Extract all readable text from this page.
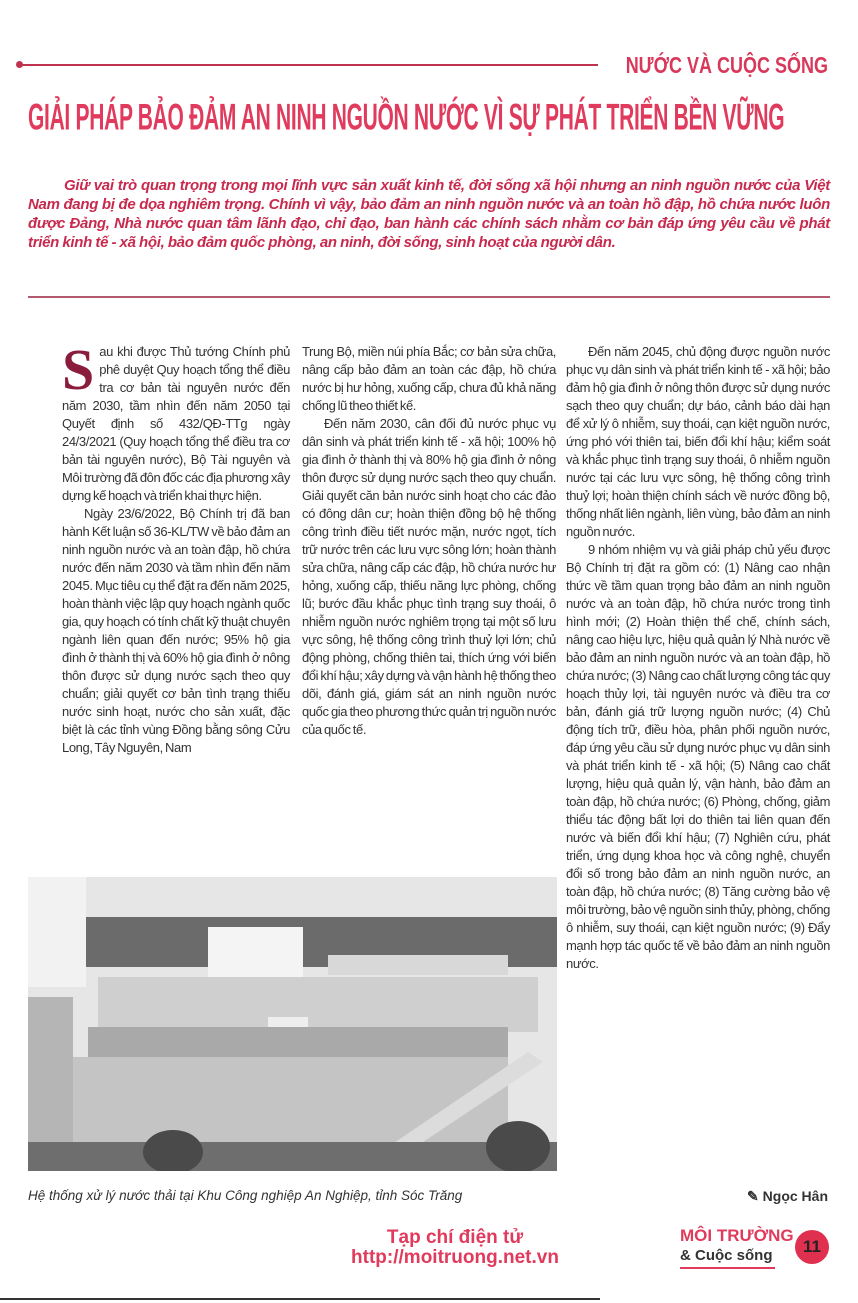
NƯỚC VÀ CUỘC SỐNG
GIẢI PHÁP BẢO ĐẢM AN NINH NGUỒN NƯỚC VÌ SỰ PHÁT TRIỂN BỀN VỮNG

Giữ vai trò quan trọng trong mọi lĩnh vực sản xuất kinh tế, đời sống xã hội nhưng an ninh nguồn nước của Việt Nam đang bị đe dọa nghiêm trọng. Chính vì vậy, bảo đảm an ninh nguồn nước và an toàn hồ đập, hồ chứa nước luôn được Đảng, Nhà nước quan tâm lãnh đạo, chỉ đạo, ban hành các chính sách nhằm cơ bản đáp ứng yêu cầu về phát triển kinh tế - xã hội, bảo đảm quốc phòng, an ninh, đời sống, sinh hoạt của người dân.

Sau khi được Thủ tướng Chính phủ phê duyệt Quy hoạch tổng thể điều tra cơ bản tài nguyên nước đến năm 2030, tầm nhìn đến năm 2050 tại Quyết định số 432/QĐ-TTg ngày 24/3/2021 (Quy hoạch tổng thể điều tra cơ bản tài nguyên nước), Bộ Tài nguyên và Môi trường đã đôn đốc các địa phương xây dựng kế hoạch và triển khai thực hiện.

Ngày 23/6/2022, Bộ Chính trị đã ban hành Kết luận số 36-KL/TW về bảo đảm an ninh nguồn nước và an toàn đập, hồ chứa nước đến năm 2030 và tầm nhìn đến năm 2045. Mục tiêu cụ thể đặt ra đến năm 2025, hoàn thành việc lập quy hoạch ngành quốc gia, quy hoạch có tính chất kỹ thuật chuyên ngành liên quan đến nước; 95% hộ gia đình ở thành thị và 60% hộ gia đình ở nông thôn được sử dụng nước sạch theo quy chuẩn; giải quyết cơ bản tình trạng thiếu nước sinh hoạt, nước cho sản xuất, đặc biệt là các tỉnh vùng Đồng bằng sông Cửu Long, Tây Nguyên, Nam

Trung Bộ, miền núi phía Bắc; cơ bản sửa chữa, nâng cấp bảo đảm an toàn các đập, hồ chứa nước bị hư hỏng, xuống cấp, chưa đủ khả năng chống lũ theo thiết kế.

Đến năm 2030, cân đối đủ nước phục vụ dân sinh và phát triển kinh tế - xã hội; 100% hộ gia đình ở thành thị và 80% hộ gia đình ở nông thôn được sử dụng nước sạch theo quy chuẩn. Giải quyết căn bản nước sinh hoạt cho các đảo có đông dân cư; hoàn thiện đồng bộ hệ thống công trình điều tiết nước mặn, nước ngọt, tích trữ nước trên các lưu vực sông lớn; hoàn thành sửa chữa, nâng cấp các đập, hồ chứa nước hư hỏng, xuống cấp, thiếu năng lực phòng, chống lũ; bước đầu khắc phục tình trạng suy thoái, ô nhiễm nguồn nước nghiêm trọng tại một số lưu vực sông, hệ thống công trình thuỷ lợi lớn; chủ động phòng, chống thiên tai, thích ứng với biến đổi khí hậu; xây dựng và vận hành hệ thống theo dõi, đánh giá, giám sát an ninh nguồn nước quốc gia theo phương thức quản trị nguồn nước của quốc tế.

Đến năm 2045, chủ động được nguồn nước phục vụ dân sinh và phát triển kinh tế - xã hội; bảo đảm hộ gia đình ở nông thôn được sử dụng nước sạch theo quy chuẩn; dự báo, cảnh báo dài hạn để xử lý ô nhiễm, suy thoái, cạn kiệt nguồn nước, ứng phó với thiên tai, biến đổi khí hậu; kiểm soát và khắc phục tình trạng suy thoái, ô nhiễm nguồn nước tại các lưu vực sông, hệ thống công trình thuỷ lợi; hoàn thiện chính sách về nước đồng bộ, thống nhất liên ngành, liên vùng, bảo đảm an ninh nguồn nước.

9 nhóm nhiệm vụ và giải pháp chủ yếu được Bộ Chính trị đặt ra gồm có: (1) Nâng cao nhận thức về tầm quan trọng bảo đảm an ninh nguồn nước và an toàn đập, hồ chứa nước trong tình hình mới; (2) Hoàn thiện thể chế, chính sách, nâng cao hiệu lực, hiệu quả quản lý Nhà nước về bảo đảm an ninh nguồn nước và an toàn đập, hồ chứa nước; (3) Nâng cao chất lượng công tác quy hoạch thủy lợi, tài nguyên nước và điều tra cơ bản, đánh giá trữ lượng nguồn nước; (4) Chủ động tích trữ, điều hòa, phân phối nguồn nước, đáp ứng yêu cầu sử dụng nước phục vụ dân sinh và phát triển kinh tế - xã hội; (5) Nâng cao chất lượng, hiệu quả quản lý, vận hành, bảo đảm an toàn đập, hồ chứa nước; (6) Phòng, chống, giảm thiểu tác động bất lợi do thiên tai liên quan đến nước và biến đổi khí hậu; (7) Nghiên cứu, phát triển, ứng dụng khoa học và công nghệ, chuyển đổi số trong bảo đảm an ninh nguồn nước, an toàn đập, hồ chứa nước; (8) Tăng cường bảo vệ môi trường, bảo vệ nguồn sinh thủy, phòng, chống ô nhiễm, suy thoái, cạn kiệt nguồn nước; (9) Đẩy mạnh hợp tác quốc tế về bảo đảm an ninh nguồn nước.

Hệ thống xử lý nước thải tại Khu Công nghiệp An Nghiệp, tỉnh Sóc Trăng	✎ Ngọc Hân
Tạp chí điện tử
http://moitruong.net.vn
MÔI TRƯỜNG
& Cuộc sống	11
